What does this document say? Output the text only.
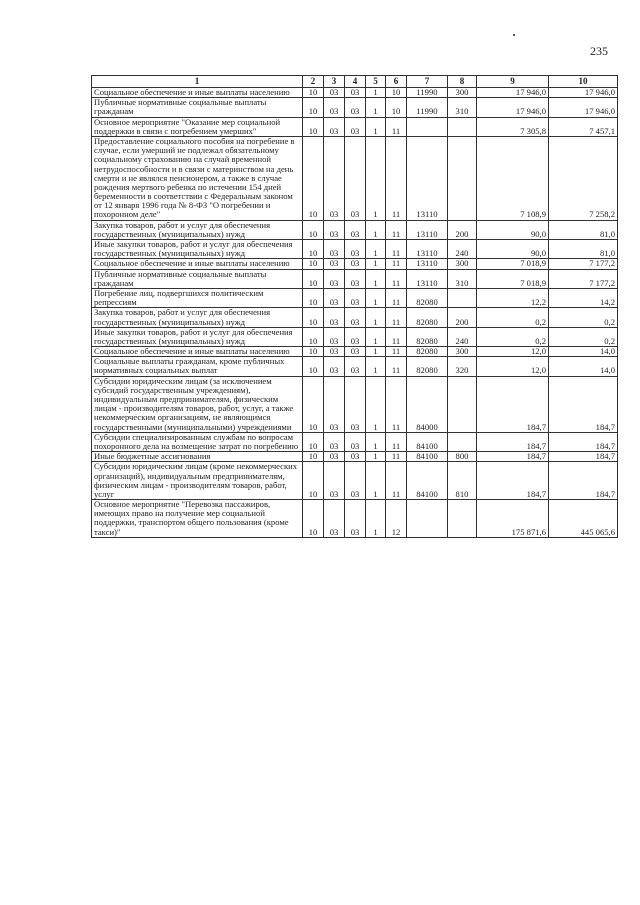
235
1	2	3	4	5	6	7	8	9	10
Социальное обеспечение и иные выплаты населению	10	03	03	1	10	11990	300	17 946,0	17 946,0
Публичные нормативные социальные выплаты гражданам	10	03	03	1	10	11990	310	17 946,0	17 946,0
Основное мероприятие "Оказание мер социальной поддержки в связи с погребением умерших"	10	03	03	1	11			7 305,8	7 457,1
Предоставление социального пособия на погребение в случае, если умерший не подлежал обязательному социальному страхованию на случай временной нетрудоспособности и в связи с материнством на день смерти и не являлся пенсионером, а также в случае рождения мертвого ребенка по истечении 154 дней беременности в соответствии с Федеральным законом от 12 января 1996 года № 8-ФЗ "О погребении и похоронном деле"	10	03	03	1	11	13110		7 108,9	7 258,2
Закупка товаров, работ и услуг для обеспечения государственных (муниципальных) нужд	10	03	03	1	11	13110	200	90,0	81,0
Иные закупки товаров, работ и услуг для обеспечения государственных (муниципальных) нужд	10	03	03	1	11	13110	240	90,0	81,0
Социальное обеспечение и иные выплаты населению	10	03	03	1	11	13110	300	7 018,9	7 177,2
Публичные нормативные социальные выплаты гражданам	10	03	03	1	11	13110	310	7 018,9	7 177,2
Погребение лиц, подвергшихся политическим репрессиям	10	03	03	1	11	82080		12,2	14,2
Закупка товаров, работ и услуг для обеспечения государственных (муниципальных) нужд	10	03	03	1	11	82080	200	0,2	0,2
Иные закупки товаров, работ и услуг для обеспечения государственных (муниципальных) нужд	10	03	03	1	11	82080	240	0,2	0,2
Социальное обеспечение и иные выплаты населению	10	03	03	1	11	82080	300	12,0	14,0
Социальные выплаты гражданам, кроме публичных нормативных социальных выплат	10	03	03	1	11	82080	320	12,0	14,0
Субсидии юридическим лицам (за исключением субсидий государственным учреждениям), индивидуальным предпринимателям, физическим лицам - производителям товаров, работ, услуг, а также некоммерческим организациям, не являющимся государственными (муниципальными) учреждениями	10	03	03	1	11	84000		184,7	184,7
Субсидии специализированным службам по вопросам похоронного дела на возмещение затрат по погребению	10	03	03	1	11	84100		184,7	184,7
Иные бюджетные ассигнования	10	03	03	1	11	84100	800	184,7	184,7
Субсидии юридическим лицам (кроме некоммерческих организаций), индивидуальным предпринимателям, физическим лицам - производителям товаров, работ, услуг	10	03	03	1	11	84100	810	184,7	184,7
Основное мероприятие "Перевозка пассажиров, имеющих право на получение мер социальной поддержки, транспортом общего пользования (кроме такси)"	10	03	03	1	12			175 871,6	445 065,6
